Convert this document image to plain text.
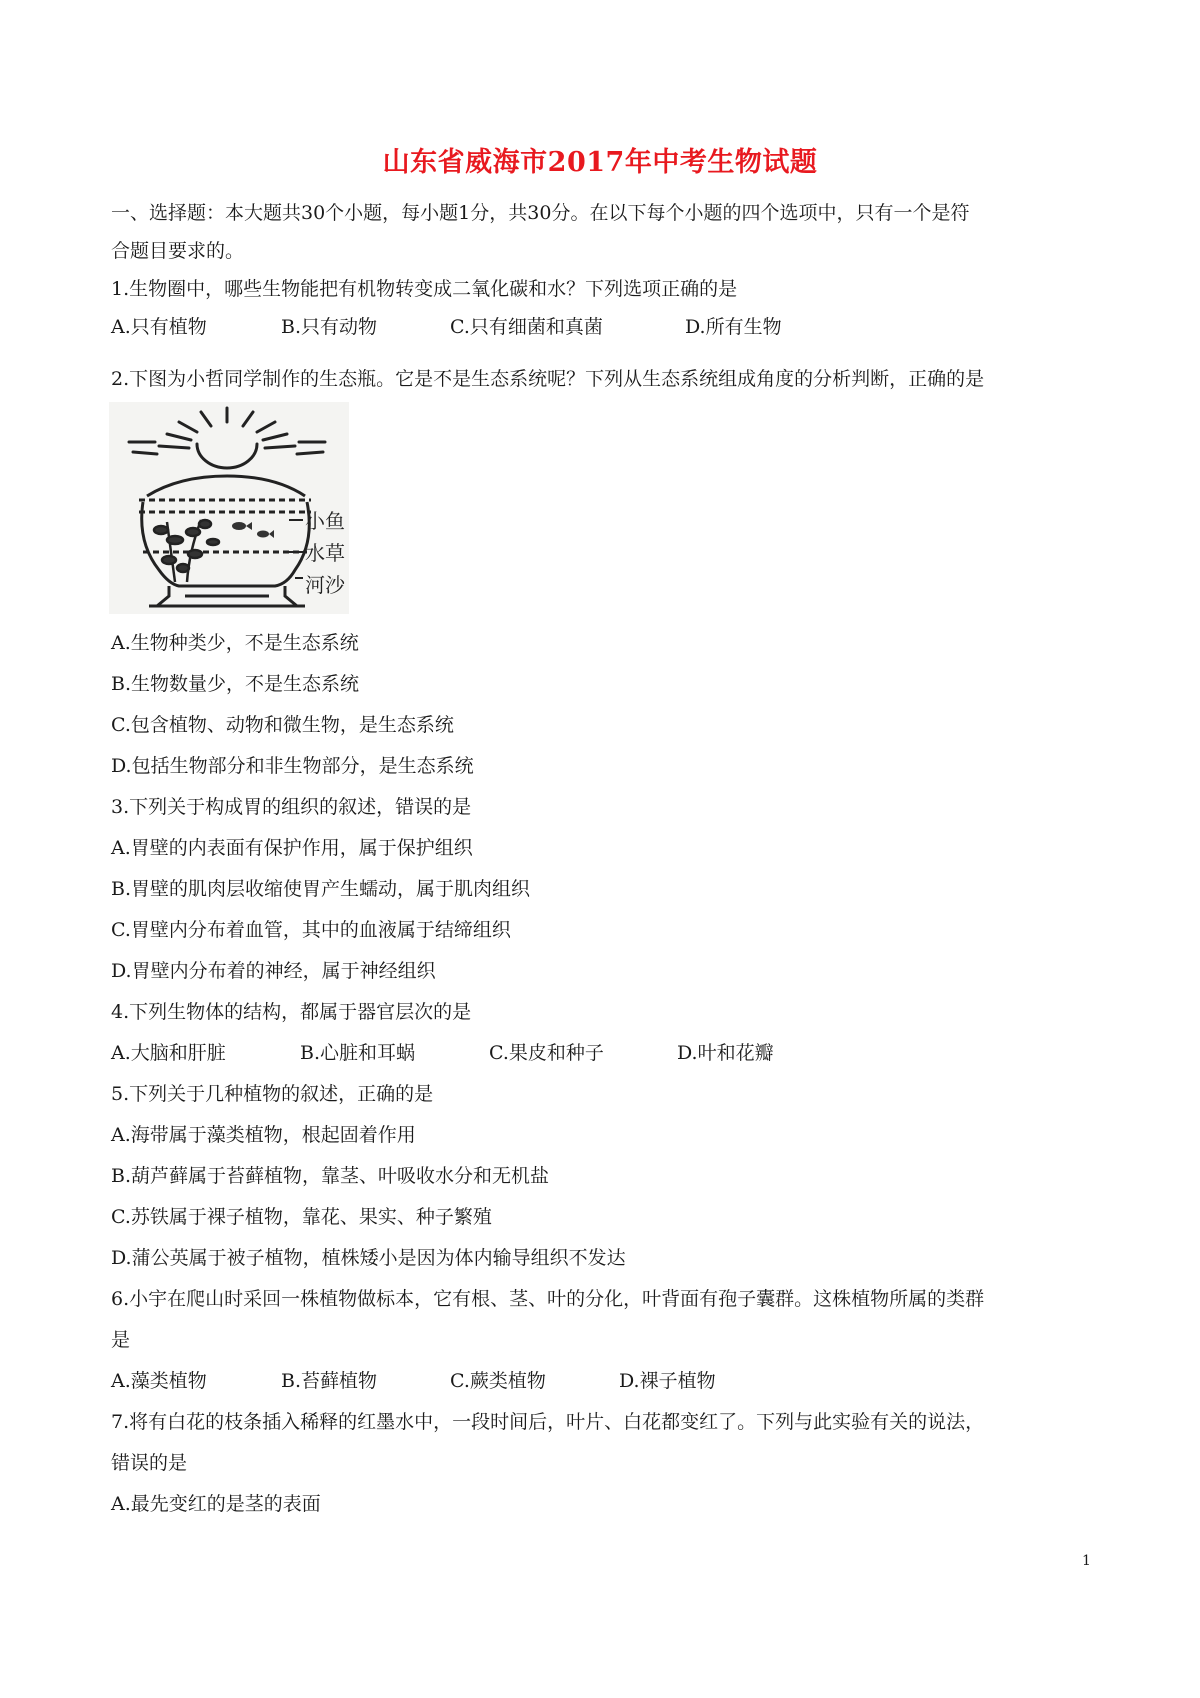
山东省威海市2017年中考生物试题
一、选择题：本大题共30个小题，每小题1分，共30分。在以下每个小题的四个选项中，只有一个是符
合题目要求的。
1.生物圈中，哪些生物能把有机物转变成二氧化碳和水？下列选项正确的是
A.只有植物	B.只有动物	C.只有细菌和真菌	D.所有生物
2.下图为小哲同学制作的生态瓶。它是不是生态系统呢？下列从生态系统组成角度的分析判断，正确的是
小鱼
水草
河沙
A.生物种类少，不是生态系统
B.生物数量少，不是生态系统
C.包含植物、动物和微生物，是生态系统
D.包括生物部分和非生物部分，是生态系统
3.下列关于构成胃的组织的叙述，错误的是
A.胃壁的内表面有保护作用，属于保护组织
B.胃壁的肌肉层收缩使胃产生蠕动，属于肌肉组织
C.胃壁内分布着血管，其中的血液属于结缔组织
D.胃壁内分布着的神经，属于神经组织
4.下列生物体的结构，都属于器官层次的是
A.大脑和肝脏	B.心脏和耳蜗	C.果皮和种子	D.叶和花瓣
5.下列关于几种植物的叙述，正确的是
A.海带属于藻类植物，根起固着作用
B.葫芦藓属于苔藓植物，靠茎、叶吸收水分和无机盐
C.苏铁属于裸子植物，靠花、果实、种子繁殖
D.蒲公英属于被子植物，植株矮小是因为体内输导组织不发达
6.小宇在爬山时采回一株植物做标本，它有根、茎、叶的分化，叶背面有孢子囊群。这株植物所属的类群
是
A.藻类植物	B.苔藓植物	C.蕨类植物	D.裸子植物
7.将有白花的枝条插入稀释的红墨水中，一段时间后，叶片、白花都变红了。下列与此实验有关的说法，
错误的是
A.最先变红的是茎的表面
1
